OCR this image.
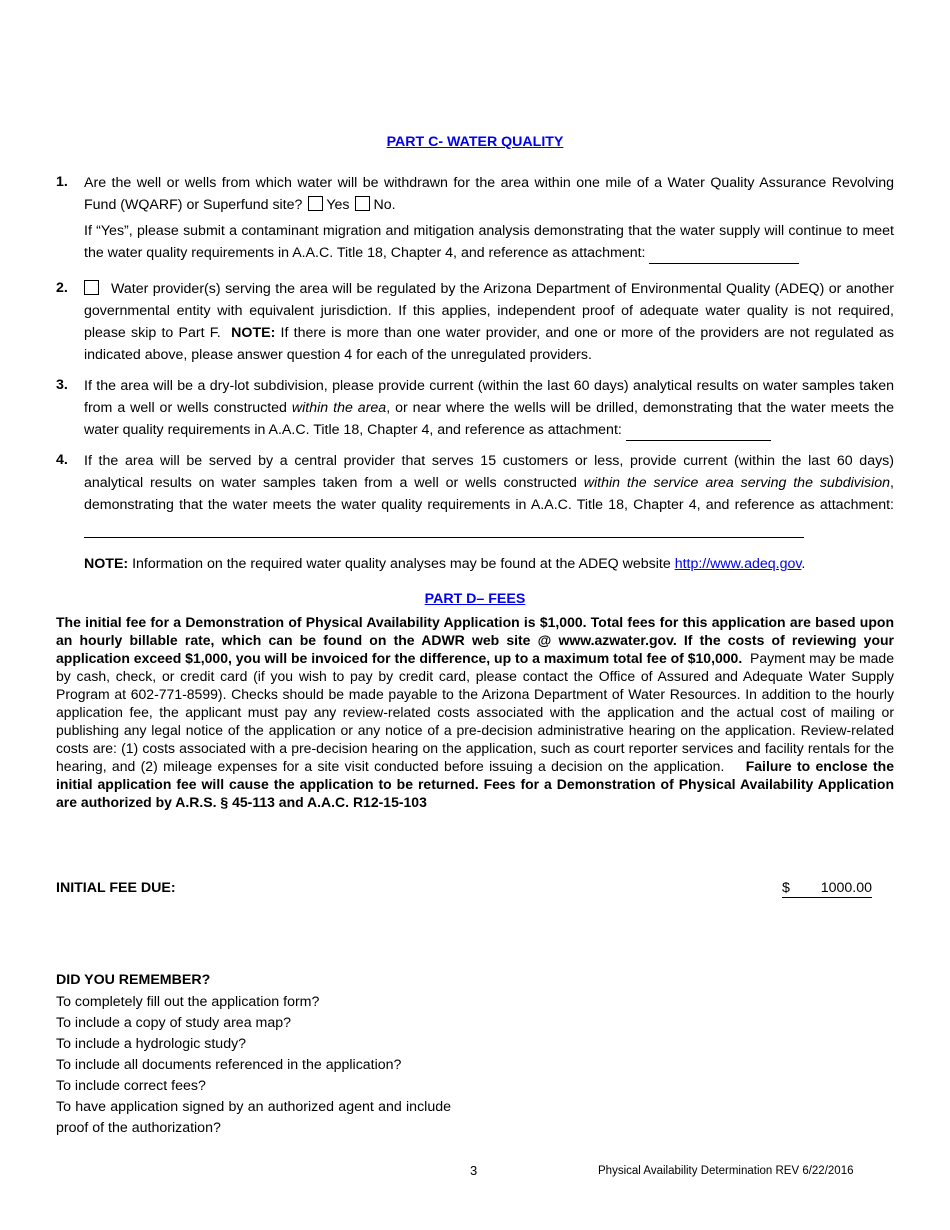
PART C- WATER QUALITY
1. Are the well or wells from which water will be withdrawn for the area within one mile of a Water Quality Assurance Revolving Fund (WQARF) or Superfund site? Yes No.
If “Yes”, please submit a contaminant migration and mitigation analysis demonstrating that the water supply will continue to meet the water quality requirements in A.A.C. Title 18, Chapter 4, and reference as attachment:
2.	Water provider(s) serving the area will be regulated by the Arizona Department of Environmental Quality (ADEQ) or another governmental entity with equivalent jurisdiction. If this applies, independent proof of adequate water quality is not required, please skip to Part F. NOTE: If there is more than one water provider, and one or more of the providers are not regulated as indicated above, please answer question 4 for each of the unregulated providers.
3. If the area will be a dry-lot subdivision, please provide current (within the last 60 days) analytical results on water samples taken from a well or wells constructed within the area, or near where the wells will be drilled, demonstrating that the water meets the water quality requirements in A.A.C. Title 18, Chapter 4, and reference as attachment:
4. If the area will be served by a central provider that serves 15 customers or less, provide current (within the last 60 days) analytical results on water samples taken from a well or wells constructed within the service area serving the subdivision, demonstrating that the water meets the water quality requirements in A.A.C. Title 18, Chapter 4, and reference as attachment:
NOTE: Information on the required water quality analyses may be found at the ADEQ website http://www.adeq.gov.
PART D– FEES
The initial fee for a Demonstration of Physical Availability Application is $1,000. Total fees for this application are based upon an hourly billable rate, which can be found on the ADWR web site @ www.azwater.gov. If the costs of reviewing your application exceed $1,000, you will be invoiced for the difference, up to a maximum total fee of $10,000. Payment may be made by cash, check, or credit card (if you wish to pay by credit card, please contact the Office of Assured and Adequate Water Supply Program at 602-771-8599). Checks should be made payable to the Arizona Department of Water Resources. In addition to the hourly application fee, the applicant must pay any review-related costs associated with the application and the actual cost of mailing or publishing any legal notice of the application or any notice of a pre-decision administrative hearing on the application. Review-related costs are: (1) costs associated with a pre-decision hearing on the application, such as court reporter services and facility rentals for the hearing, and (2) mileage expenses for a site visit conducted before issuing a decision on the application. Failure to enclose the initial application fee will cause the application to be returned. Fees for a Demonstration of Physical Availability Application are authorized by A.R.S. § 45-113 and A.A.C. R12-15-103
INITIAL FEE DUE:	$ 1000.00
DID YOU REMEMBER?
To completely fill out the application form?
To include a copy of study area map?
To include a hydrologic study?
To include all documents referenced in the application?
To include correct fees?
To have application signed by an authorized agent and include proof of the authorization?
3	Physical Availability Determination REV 6/22/2016
